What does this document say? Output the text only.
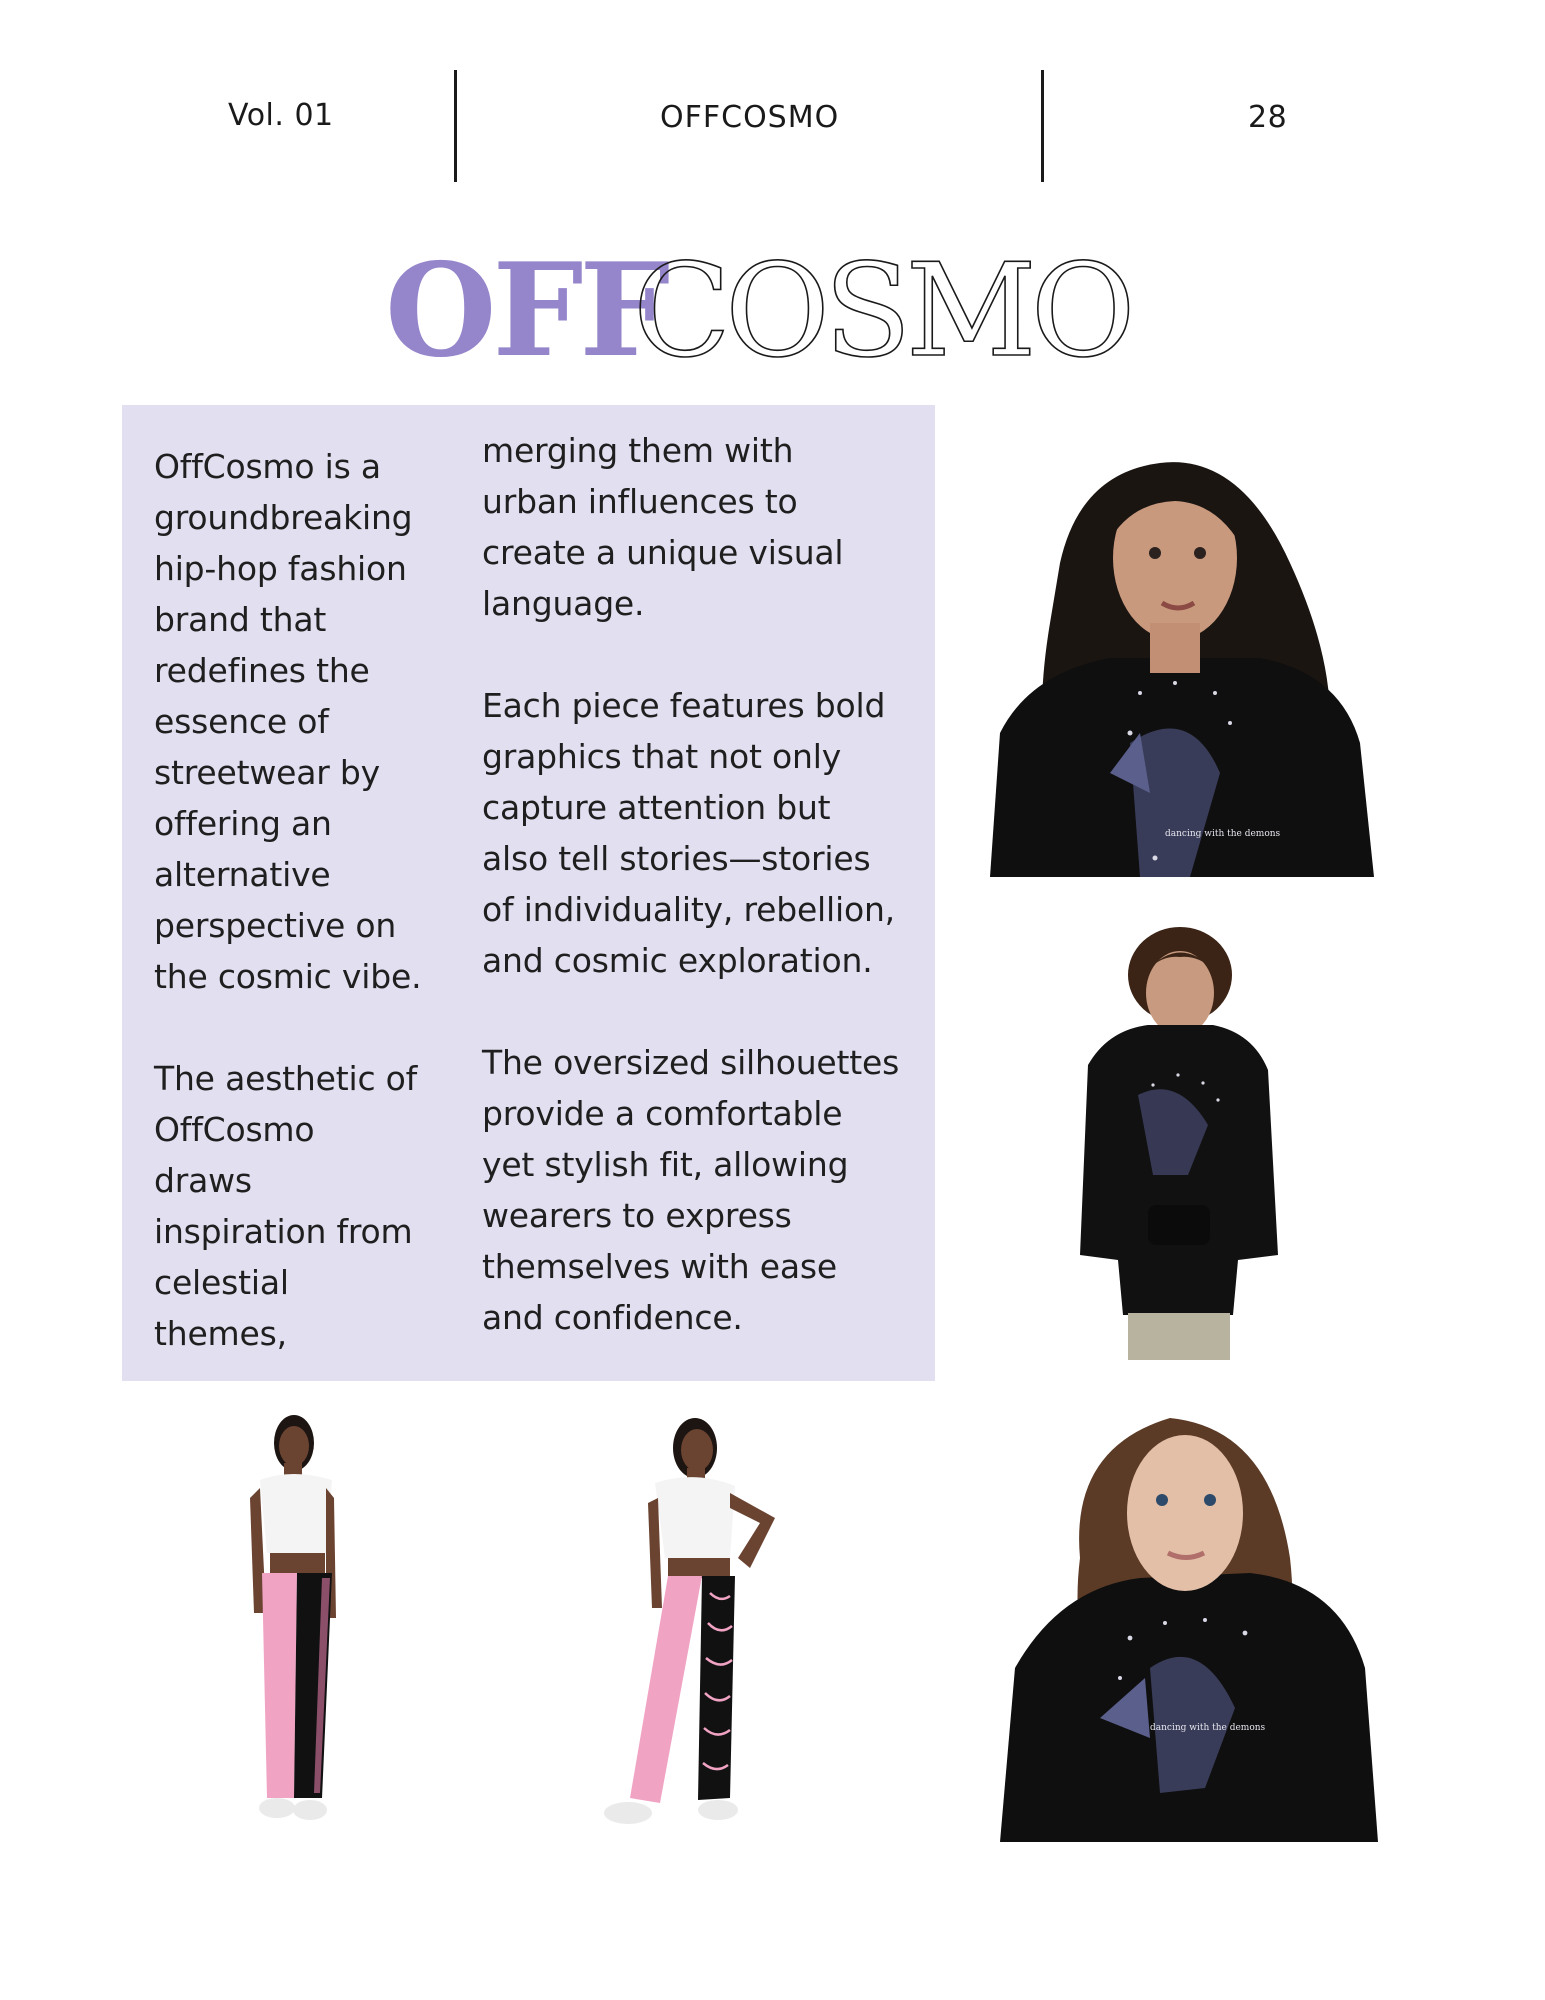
Vol. 01	OFFCOSMO	28
OFF
COSMO

OffCosmo is a
groundbreaking
hip-hop fashion
brand that
redefines the
essence of
streetwear by
offering an
alternative
perspective on
the cosmic vibe.

The aesthetic of
OffCosmo
draws
inspiration from
celestial
themes,

merging them with
urban influences to
create a unique visual
language.

Each piece features bold
graphics that not only
capture attention but
also tell stories—stories
of individuality, rebellion,
and cosmic exploration.

The oversized silhouettes
provide a comfortable
yet stylish fit, allowing
wearers to express
themselves with ease
and confidence.

dancing with the demons
dancing with the demons
